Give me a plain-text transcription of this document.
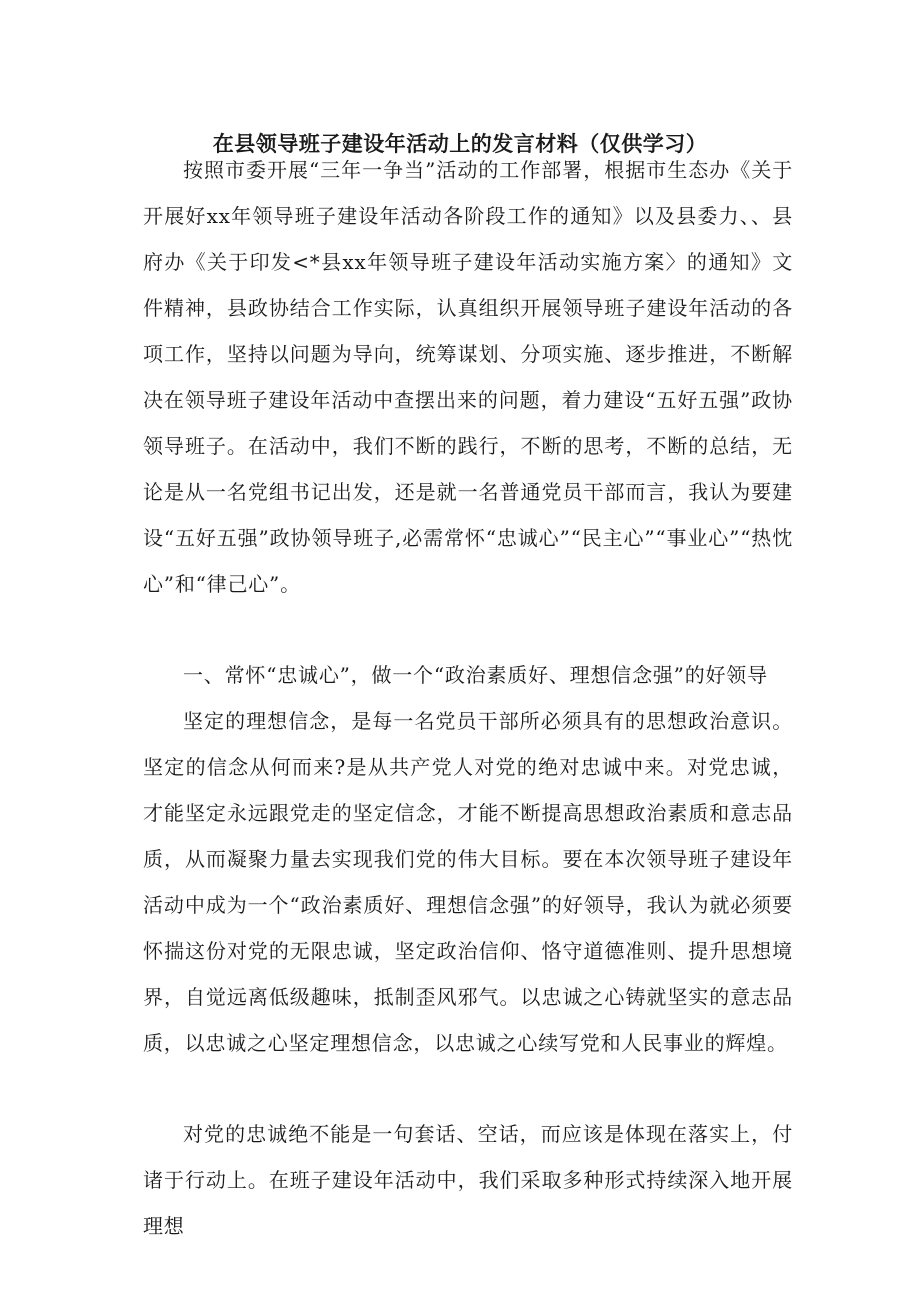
在县领导班子建设年活动上的发言材料（仅供学习）

按照市委开展“三年一争当”活动的工作部署，根据市生态办《关于开展好xx年领导班子建设年活动各阶段工作的通知》以及县委力、、县府办《关于印发<*县xx年领导班子建设年活动实施方案〉的通知》文件精神，县政协结合工作实际，认真组织开展领导班子建设年活动的各项工作，坚持以问题为导向，统筹谋划、分项实施、逐步推进，不断解决在领导班子建设年活动中查摆出来的问题，着力建设“五好五强”政协领导班子。在活动中，我们不断的践行，不断的思考，不断的总结，无论是从一名党组书记出发，还是就一名普通党员干部而言，我认为要建设“五好五强”政协领导班子,必需常怀“忠诚心”“民主心”“事业心”“热忱心”和“律己心”。

一、常怀“忠诚心”，做一个“政治素质好、理想信念强”的好领导

坚定的理想信念，是每一名党员干部所必须具有的思想政治意识。坚定的信念从何而来?是从共产党人对党的绝对忠诚中来。对党忠诚，才能坚定永远跟党走的坚定信念，才能不断提高思想政治素质和意志品质，从而凝聚力量去实现我们党的伟大目标。要在本次领导班子建设年活动中成为一个“政治素质好、理想信念强”的好领导，我认为就必须要怀揣这份对党的无限忠诚，坚定政治信仰、恪守道德准则、提升思想境界，自觉远离低级趣味，抵制歪风邪气。以忠诚之心铸就坚实的意志品质，以忠诚之心坚定理想信念，以忠诚之心续写党和人民事业的辉煌。

对党的忠诚绝不能是一句套话、空话，而应该是体现在落实上，付诸于行动上。在班子建设年活动中，我们采取多种形式持续深入地开展理想
